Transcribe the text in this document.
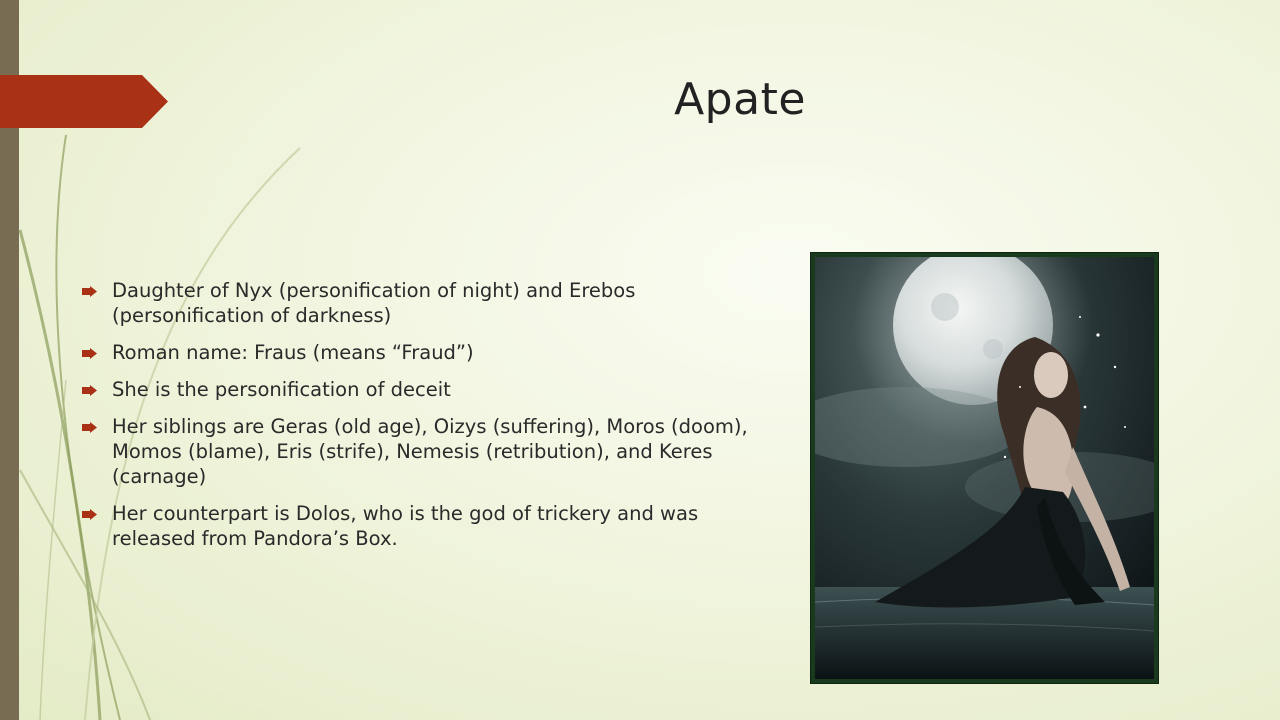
Apate
Daughter of Nyx (personification of night) and Erebos (personification of darkness)
Roman name: Fraus (means “Fraud”)
She is the personification of deceit
Her siblings are Geras (old age), Oizys (suffering), Moros (doom), Momos (blame), Eris (strife), Nemesis (retribution), and Keres (carnage)
Her counterpart is Dolos, who is the god of trickery and was released from Pandora’s Box.
